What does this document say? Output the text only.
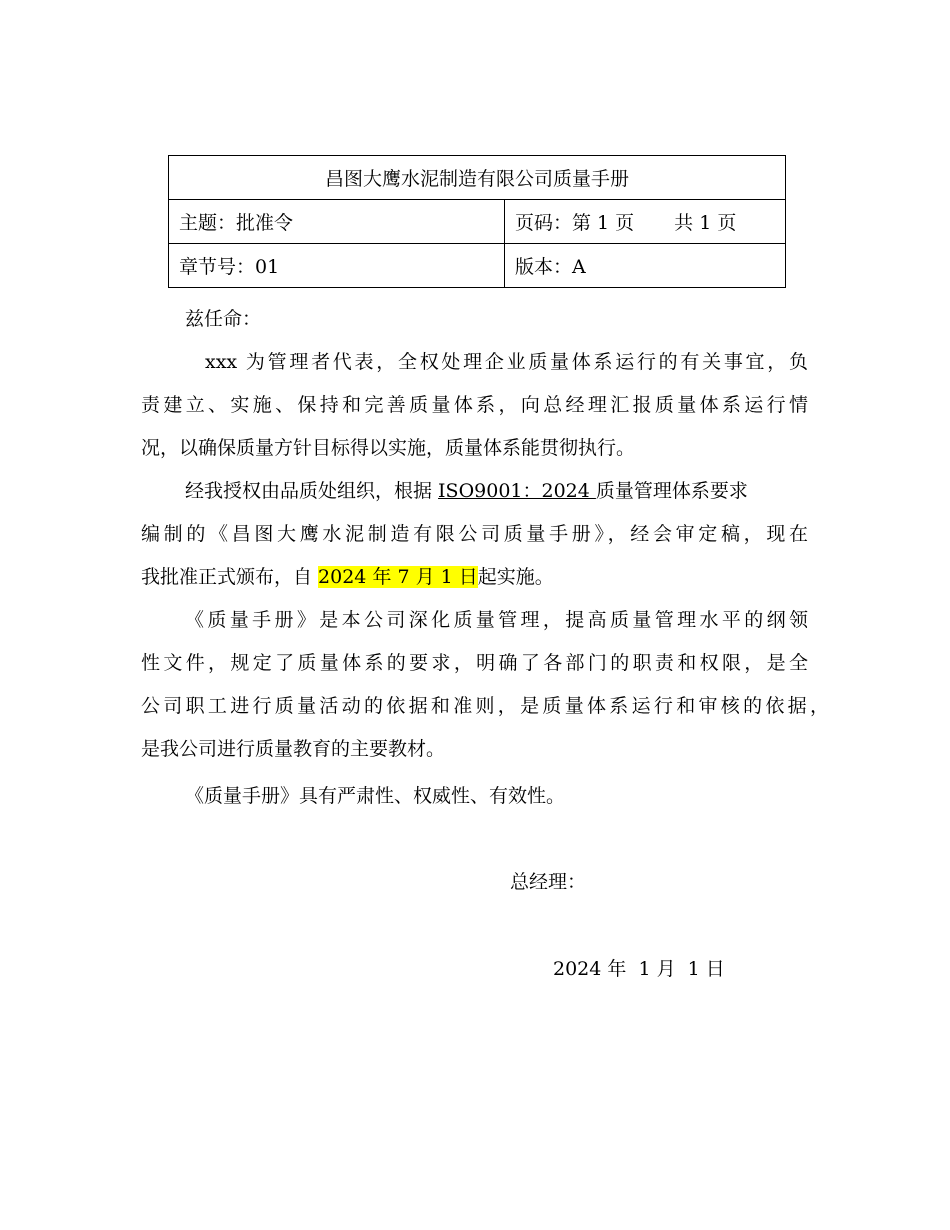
昌图大鹰水泥制造有限公司质量手册	
主题：批准令	页码：第 1 页 共 1 页
章节号：01	版本：A
兹任命：
xxx 为管理者代表，全权处理企业质量体系运行的有关事宜，负
责建立、实施、保持和完善质量体系，向总经理汇报质量体系运行情
况，以确保质量方针目标得以实施，质量体系能贯彻执行。
经我授权由品质处组织，根据 ISO9001：2024 质量管理体系要求
编制的《昌图大鹰水泥制造有限公司质量手册》，经会审定稿，现在
我批准正式颁布，自 2024 年 7 月 1 日起实施。
《质量手册》是本公司深化质量管理，提高质量管理水平的纲领
性文件，规定了质量体系的要求，明确了各部门的职责和权限，是全
公司职工进行质量活动的依据和准则，是质量体系运行和审核的依据，
是我公司进行质量教育的主要教材。
《质量手册》具有严肃性、权威性、有效性。
总经理：
2024 年  1 月  1 日
